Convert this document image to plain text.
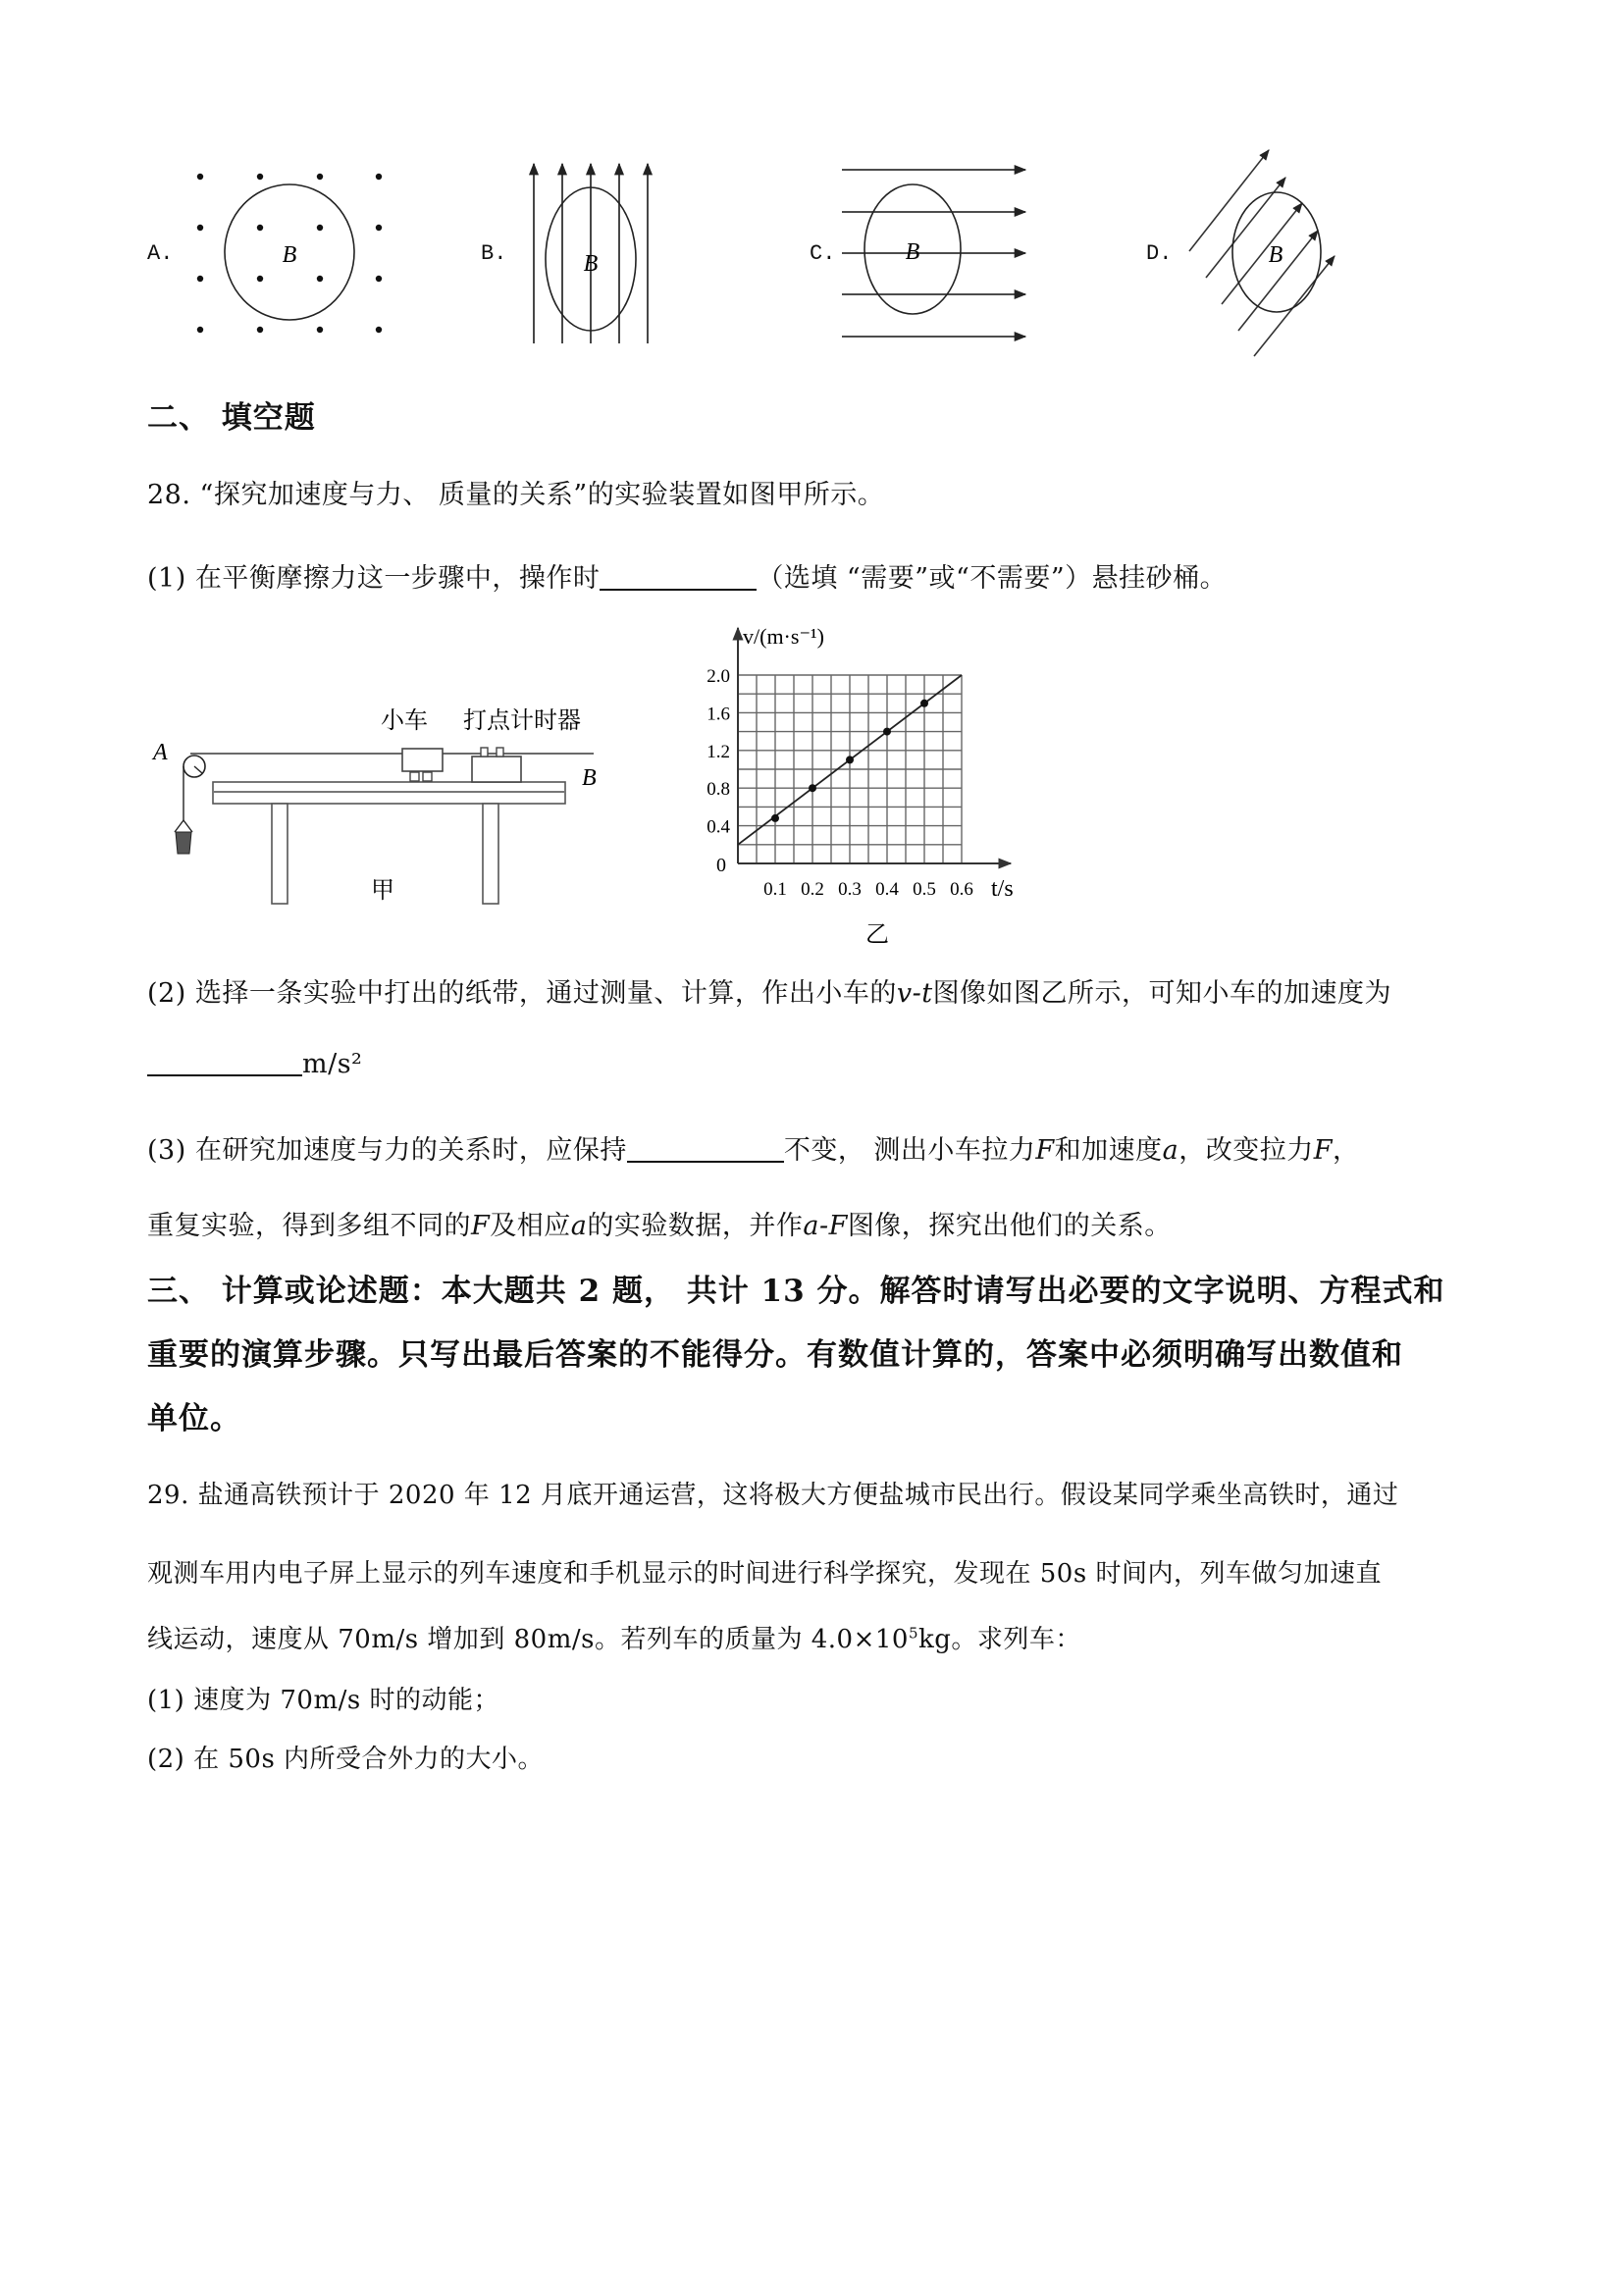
A.	B	B.	B	C.	B	D.	B
二、 填空题
28. “探究加速度与力、 质量的关系”的实验装置如图甲所示。
(1) 在平衡摩擦力这一步骤中，操作时	（选填 “需要”或“不需要”）悬挂砂桶。
A
B
小车 打点计时器
甲
v/(m·s⁻¹)
t/s
0
0.1 0.2 0.3 0.4 0.5 0.6
0.4
0.8
1.2
1.6
2.0
乙
(2) 选择一条实验中打出的纸带，通过测量、计算，作出小车的v-t图像如图乙所示，可知小车的加速度为
m/s²
(3) 在研究加速度与力的关系时，应保持	不变， 测出小车拉力F和加速度a，改变拉力F，
重复实验，得到多组不同的F及相应a的实验数据，并作a-F图像，探究出他们的关系。
三、 计算或论述题：本大题共 2 题， 共计 13 分。解答时请写出必要的文字说明、方程式和
重要的演算步骤。只写出最后答案的不能得分。有数值计算的，答案中必须明确写出数值和
单位。
29. 盐通高铁预计于 2020 年 12 月底开通运营，这将极大方便盐城市民出行。假设某同学乘坐高铁时，通过
观测车用内电子屏上显示的列车速度和手机显示的时间进行科学探究，发现在 50s 时间内，列车做匀加速直
线运动，速度从 70m/s 增加到 80m/s。若列车的质量为 $4.0\times 10^5kg$。求列车：
(1) 速度为 70m/s 时的动能；
(2) 在 50s 内所受合外力的大小。
